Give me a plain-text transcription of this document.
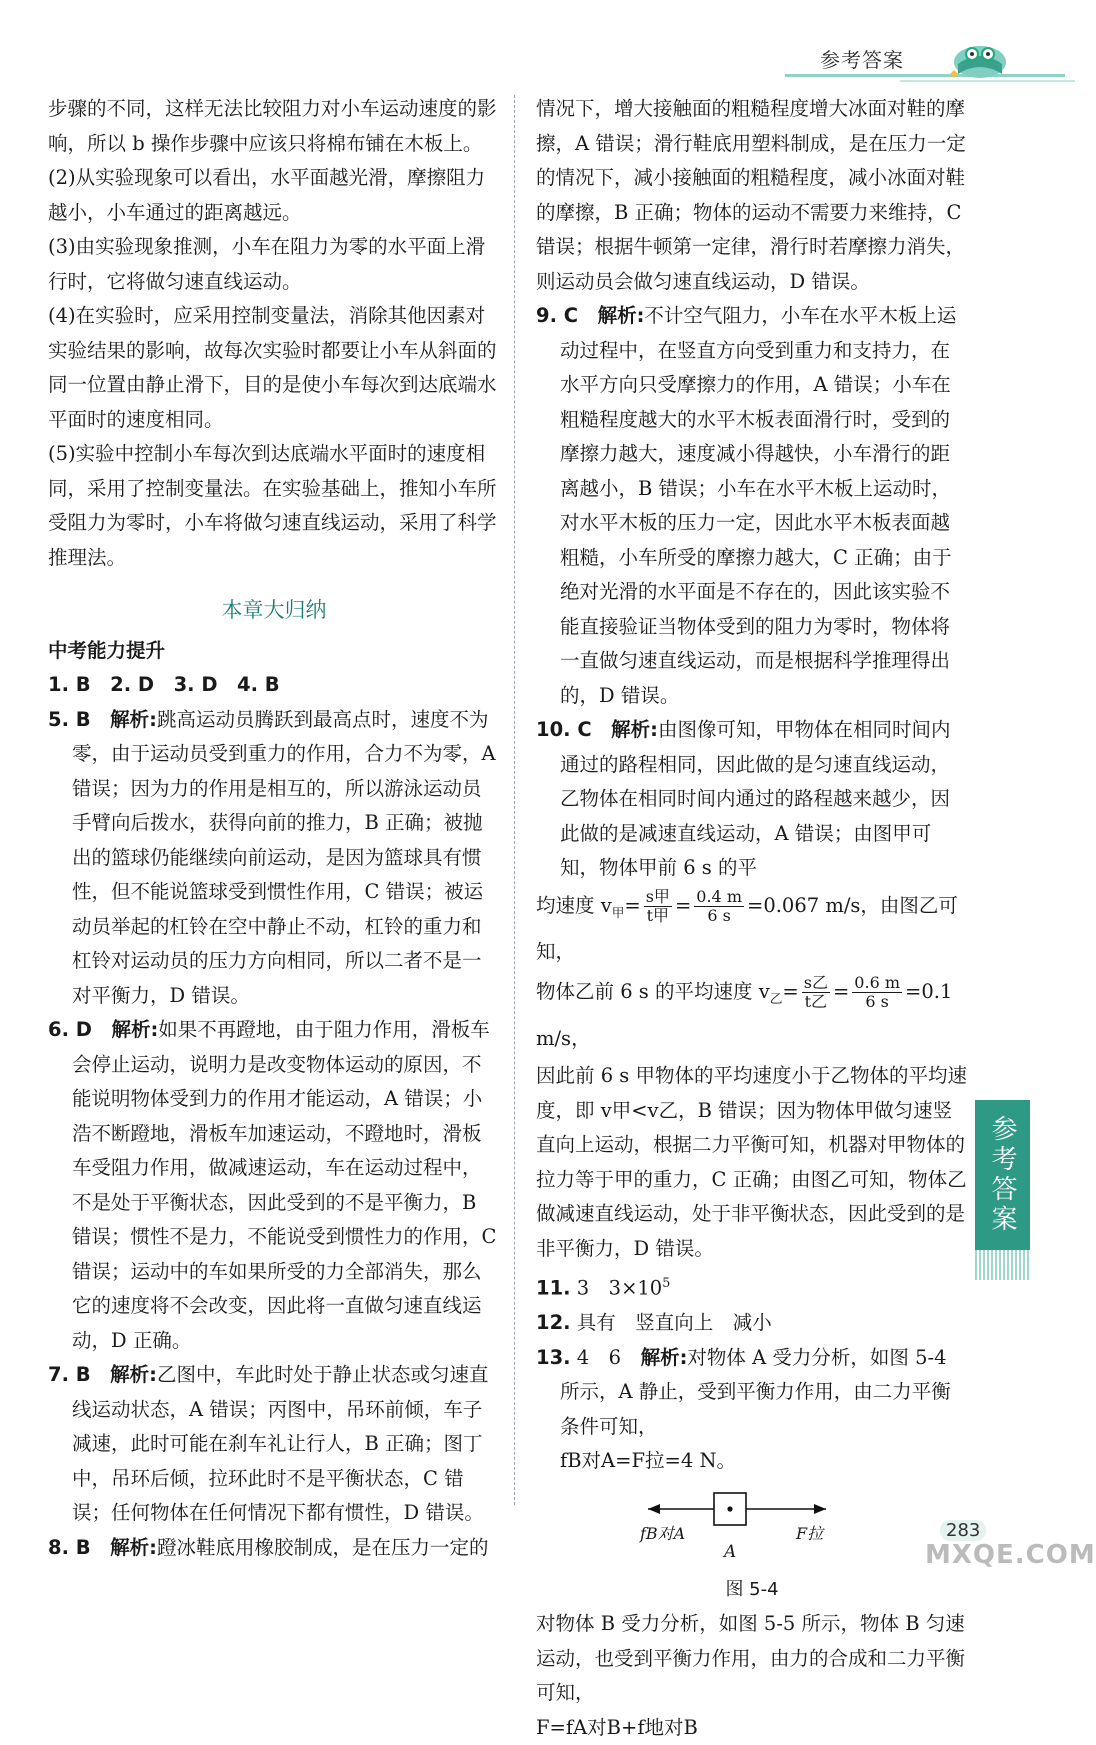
参考答案

步骤的不同，这样无法比较阻力对小车运动速度的影响，所以 b 操作步骤中应该只将棉布铺在木板上。

(2)从实验现象可以看出，水平面越光滑，摩擦阻力越小，小车通过的距离越远。

(3)由实验现象推测，小车在阻力为零的水平面上滑行时，它将做匀速直线运动。

(4)在实验时，应采用控制变量法，消除其他因素对实验结果的影响，故每次实验时都要让小车从斜面的同一位置由静止滑下，目的是使小车每次到达底端水平面时的速度相同。

(5)实验中控制小车每次到达底端水平面时的速度相同，采用了控制变量法。在实验基础上，推知小车所受阻力为零时，小车将做匀速直线运动，采用了科学推理法。

本章大归纳
中考能力提升

1. B　2. D　3. D　4. B

5. B　 解析:跳高运动员腾跃到最高点时，速度不为零，由于运动员受到重力的作用，合力不为零，A 错误；因为力的作用是相互的，所以游泳运动员手臂向后拨水，获得向前的推力，B 正确；被抛出的篮球仍能继续向前运动，是因为篮球具有惯性，但不能说篮球受到惯性作用，C 错误；被运动员举起的杠铃在空中静止不动，杠铃的重力和杠铃对运动员的压力方向相同，所以二者不是一对平衡力，D 错误。

6. D　 解析:如果不再蹬地，由于阻力作用，滑板车会停止运动，说明力是改变物体运动的原因，不能说明物体受到力的作用才能运动，A 错误；小浩不断蹬地，滑板车加速运动，不蹬地时，滑板车受阻力作用，做减速运动，车在运动过程中，不是处于平衡状态，因此受到的不是平衡力，B 错误；惯性不是力，不能说受到惯性力的作用，C 错误；运动中的车如果所受的力全部消失，那么它的速度将不会改变，因此将一直做匀速直线运动，D 正确。

7. B　 解析:乙图中，车此时处于静止状态或匀速直线运动状态，A 错误；丙图中，吊环前倾，车子减速，此时可能在刹车礼让行人，B 正确；图丁中，吊环后倾，拉环此时不是平衡状态，C 错误；任何物体在任何情况下都有惯性，D 错误。

8. B　 解析:蹬冰鞋底用橡胶制成，是在压力一定的

情况下，增大接触面的粗糙程度增大冰面对鞋的摩擦，A 错误；滑行鞋底用塑料制成，是在压力一定的情况下，减小接触面的粗糙程度，减小冰面对鞋的摩擦，B 正确；物体的运动不需要力来维持，C 错误；根据牛顿第一定律，滑行时若摩擦力消失，则运动员会做匀速直线运动，D 错误。

9. C　 解析:不计空气阻力，小车在水平木板上运动过程中，在竖直方向受到重力和支持力，在水平方向只受摩擦力的作用，A 错误；小车在粗糙程度越大的水平木板表面滑行时，受到的摩擦力越大，速度减小得越快，小车滑行的距离越小，B 错误；小车在水平木板上运动时，对水平木板的压力一定，因此水平木板表面越粗糙，小车所受的摩擦力越大，C 正确；由于绝对光滑的水平面是不存在的，因此该实验不能直接验证当物体受到的阻力为零时，物体将一直做匀速直线运动，而是根据科学推理得出的，D 错误。

10. C　 解析:由图像可知，甲物体在相同时间内通过的路程相同，因此做的是匀速直线运动，乙物体在相同时间内通过的路程越来越少，因此做的是减速直线运动，A 错误；由图甲可知，物体甲前 6 s 的平

均速度 $v_甲= \frac{\text{s甲}}{\text{t甲}} = \frac{0.4 m}{6 s} =0.067$ m/s，由图乙可知，

物体乙前 6 s 的平均速度 $v_乙= \frac{\text{s乙}}{\text{t乙}} = \frac{0.6 m}{6 s} =0.1$ m/s，

因此前 6 s 甲物体的平均速度小于乙物体的平均速度，即 v甲<v乙，B 错误；因为物体甲做匀速竖直向上运动，根据二力平衡可知，机器对甲物体的拉力等于甲的重力，C 正确；由图乙可知，物体乙做减速直线运动，处于非平衡状态，因此受到的是非平衡力，D 错误。

11. 3　$3\times 10^5$

12. 具有　竖直向上　减小

13. 4　6　 解析:对物体 A 受力分析，如图 5-4 所示，A 静止，受到平衡力作用，由二力平衡条件可知，

fB对A=F拉=4 N。

fB对A	F拉
A
图 5-4

对物体 B 受力分析，如图 5-5 所示，物体 B 匀速运动，也受到平衡力作用，由力的合成和二力平衡可知，

F=fA对B+f地对B

参考答案
283
MXQE.COM
